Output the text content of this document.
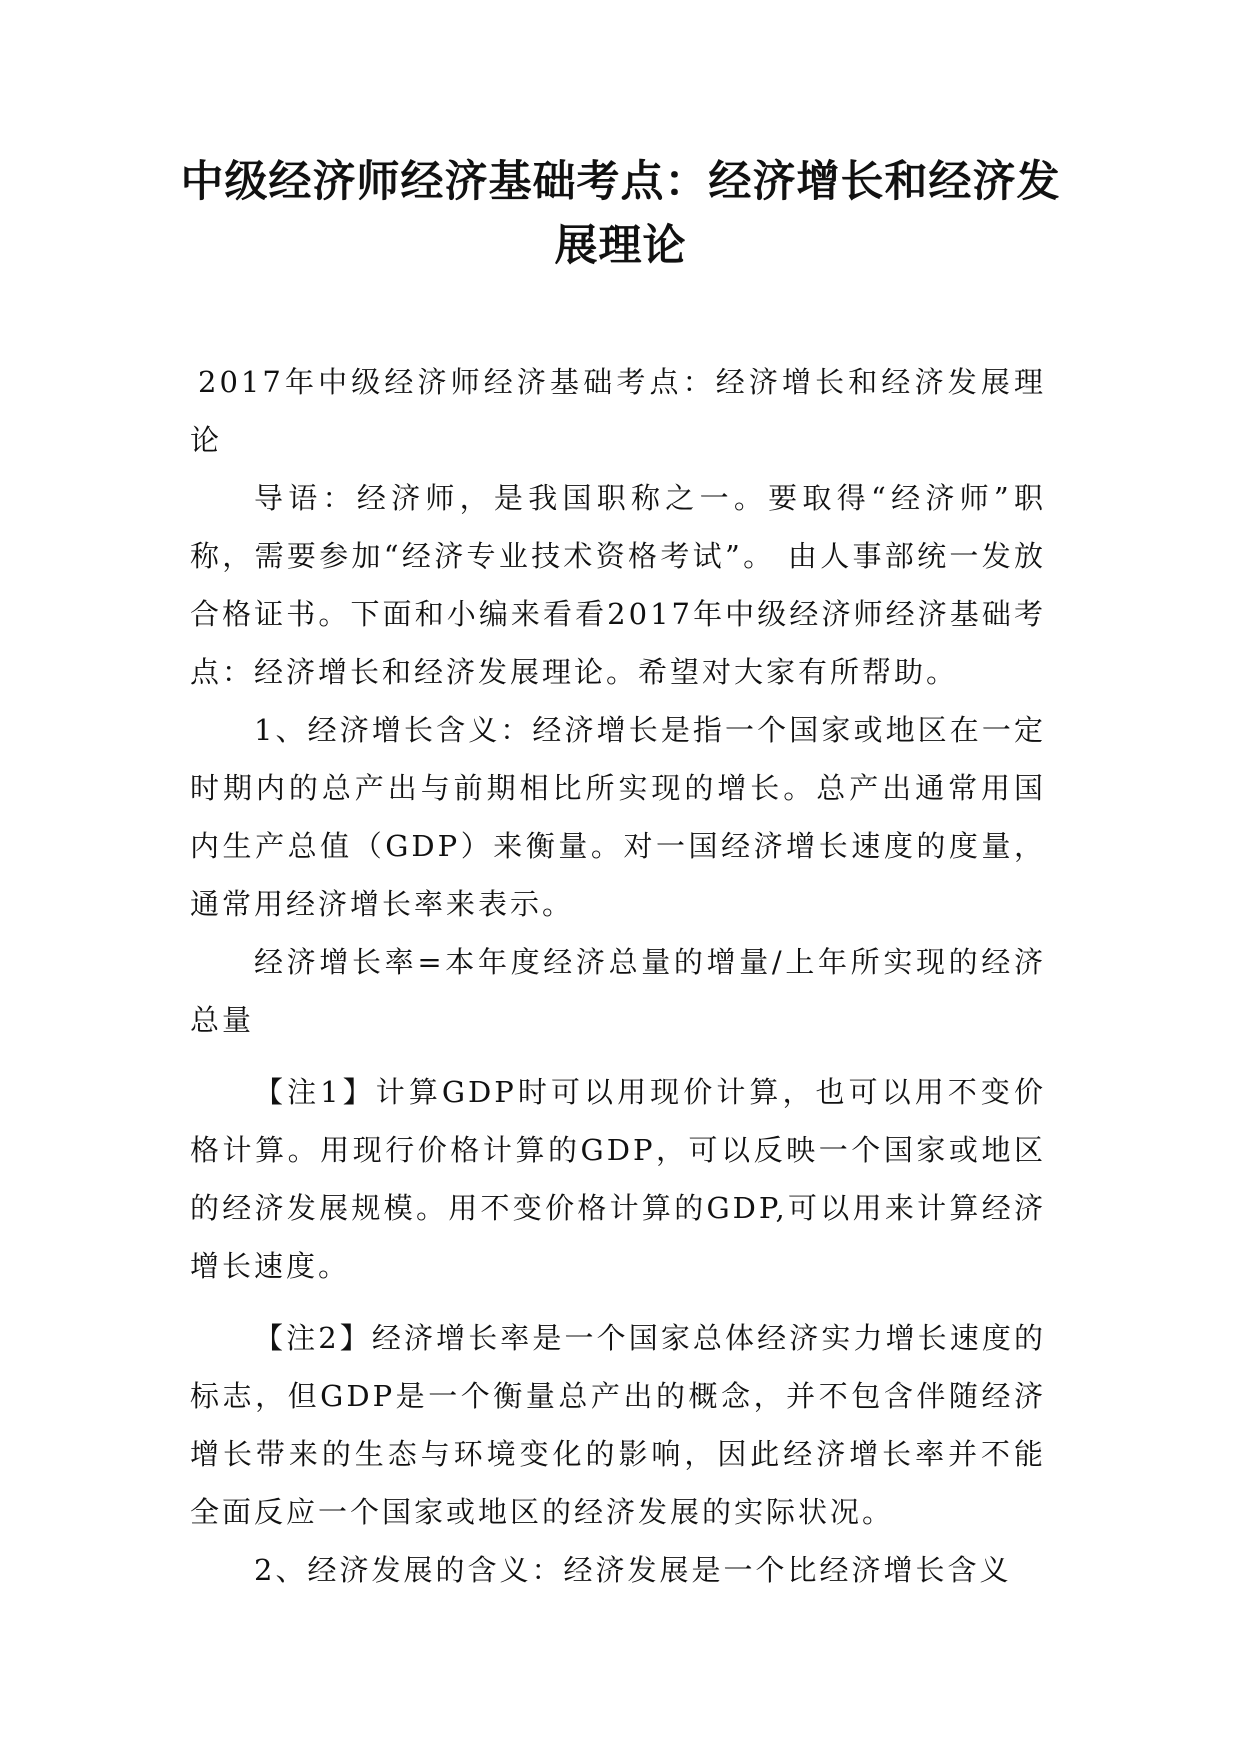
中级经济师经济基础考点：经济增长和经济发展理论

2017年中级经济师经济基础考点：经济增长和经济发展理论

导语：经济师，是我国职称之一。要取得“经济师”职称，需要参加“经济专业技术资格考试”。 由人事部统一发放合格证书。下面和小编来看看2017年中级经济师经济基础考点：经济增长和经济发展理论。希望对大家有所帮助。

1、经济增长含义：经济增长是指一个国家或地区在一定时期内的总产出与前期相比所实现的增长。总产出通常用国内生产总值（GDP）来衡量。对一国经济增长速度的度量，通常用经济增长率来表示。

经济增长率=本年度经济总量的增量/上年所实现的经济总量

【注1】计算GDP时可以用现价计算，也可以用不变价格计算。用现行价格计算的GDP，可以反映一个国家或地区的经济发展规模。用不变价格计算的GDP,可以用来计算经济增长速度。

【注2】经济增长率是一个国家总体经济实力增长速度的标志，但GDP是一个衡量总产出的概念，并不包含伴随经济增长带来的生态与环境变化的影响，因此经济增长率并不能全面反应一个国家或地区的经济发展的实际状况。

2、经济发展的含义：经济发展是一个比经济增长含义
